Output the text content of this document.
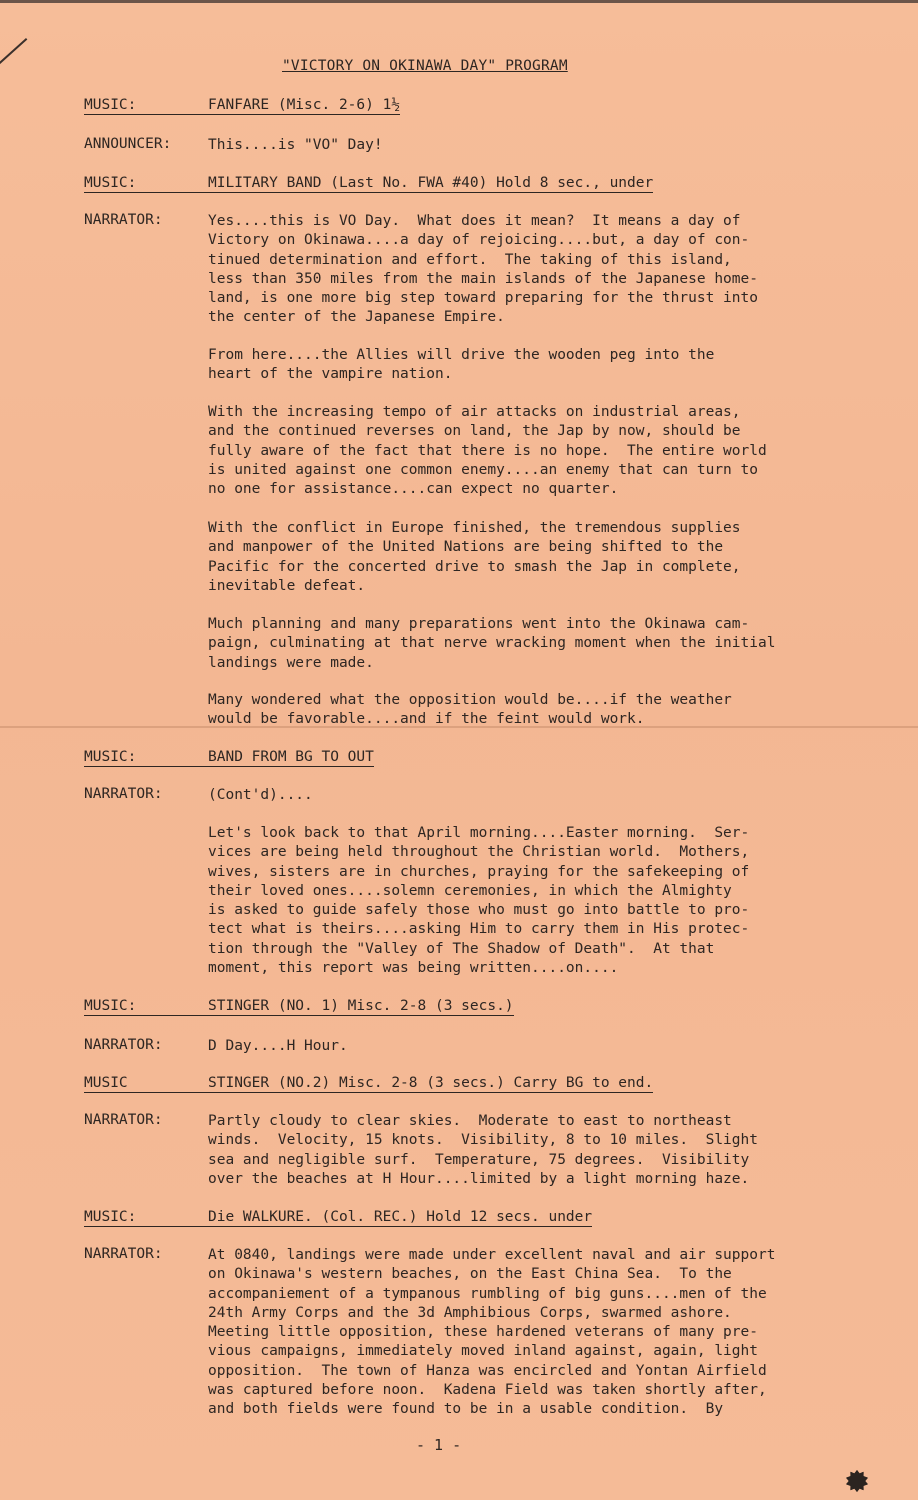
"VICTORY ON OKINAWA DAY" PROGRAM
MUSIC:	FANFARE (Misc. 2-6) 1½
ANNOUNCER:	This....is "VO" Day!
MUSIC:	MILITARY BAND (Last No. FWA #40) Hold 8 sec., under
NARRATOR:	Yes....this is VO Day.  What does it mean?  It means a day of
Victory on Okinawa....a day of rejoicing....but, a day of con-
tinued determination and effort.  The taking of this island,
less than 350 miles from the main islands of the Japanese home-
land, is one more big step toward preparing for the thrust into
the center of the Japanese Empire.
From here....the Allies will drive the wooden peg into the
heart of the vampire nation.
With the increasing tempo of air attacks on industrial areas,
and the continued reverses on land, the Jap by now, should be
fully aware of the fact that there is no hope.  The entire world
is united against one common enemy....an enemy that can turn to
no one for assistance....can expect no quarter.
With the conflict in Europe finished, the tremendous supplies
and manpower of the United Nations are being shifted to the
Pacific for the concerted drive to smash the Jap in complete,
inevitable defeat.
Much planning and many preparations went into the Okinawa cam-
paign, culminating at that nerve wracking moment when the initial
landings were made.
Many wondered what the opposition would be....if the weather
would be favorable....and if the feint would work.
MUSIC:	BAND FROM BG TO OUT
NARRATOR:	(Cont'd)....
Let's look back to that April morning....Easter morning.  Ser-
vices are being held throughout the Christian world.  Mothers,
wives, sisters are in churches, praying for the safekeeping of
their loved ones....solemn ceremonies, in which the Almighty
is asked to guide safely those who must go into battle to pro-
tect what is theirs....asking Him to carry them in His protec-
tion through the "Valley of The Shadow of Death".  At that
moment, this report was being written....on....
MUSIC:	STINGER (NO. 1) Misc. 2-8 (3 secs.)
NARRATOR:	D Day....H Hour.
MUSIC	STINGER (NO.2) Misc. 2-8 (3 secs.) Carry BG to end.
NARRATOR:	Partly cloudy to clear skies.  Moderate to east to northeast
winds.  Velocity, 15 knots.  Visibility, 8 to 10 miles.  Slight
sea and negligible surf.  Temperature, 75 degrees.  Visibility
over the beaches at H Hour....limited by a light morning haze.
MUSIC:	Die WALKURE. (Col. REC.) Hold 12 secs. under
NARRATOR:	At 0840, landings were made under excellent naval and air support
on Okinawa's western beaches, on the East China Sea.  To the
accompaniement of a tympanous rumbling of big guns....men of the
24th Army Corps and the 3d Amphibious Corps, swarmed ashore.
Meeting little opposition, these hardened veterans of many pre-
vious campaigns, immediately moved inland against, again, light
opposition.  The town of Hanza was encircled and Yontan Airfield
was captured before noon.  Kadena Field was taken shortly after,
and both fields were found to be in a usable condition.  By
- 1 -
